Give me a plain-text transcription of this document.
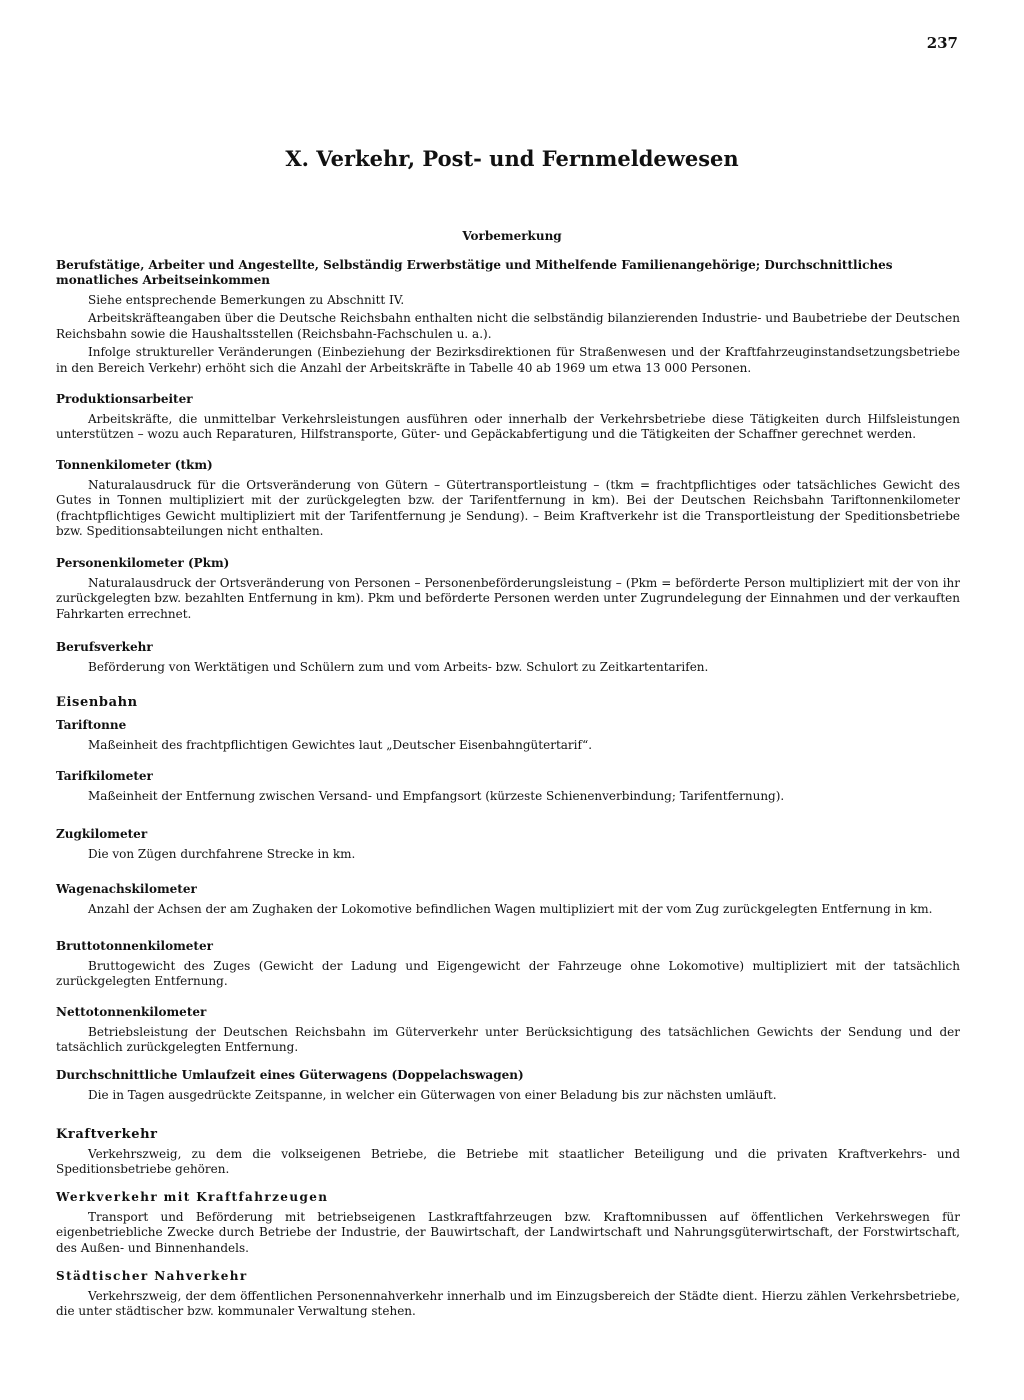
237
X. Verkehr, Post- und Fernmeldewesen
Vorbemerkung

Berufstätige, Arbeiter und Angestellte, Selbständig Erwerbstätige und Mithelfende Familienangehörige; Durchschnittliches monatliches Arbeitseinkommen

Siehe entsprechende Bemerkungen zu Abschnitt IV.

Arbeitskräfteangaben über die Deutsche Reichsbahn enthalten nicht die selbständig bilanzierenden Industrie- und Baubetriebe der Deutschen Reichsbahn sowie die Haushaltsstellen (Reichsbahn-Fachschulen u. a.).

Infolge struktureller Veränderungen (Einbeziehung der Bezirksdirektionen für Straßenwesen und der Kraftfahrzeuginstandsetzungsbetriebe in den Bereich Verkehr) erhöht sich die Anzahl der Arbeitskräfte in Tabelle 40 ab 1969 um etwa 13 000 Personen.

Produktionsarbeiter

Arbeitskräfte, die unmittelbar Verkehrsleistungen ausführen oder innerhalb der Verkehrsbetriebe diese Tätigkeiten durch Hilfsleistungen unterstützen – wozu auch Reparaturen, Hilfstransporte, Güter- und Gepäckabfertigung und die Tätigkeiten der Schaffner gerechnet werden.

Tonnenkilometer (tkm)

Naturalausdruck für die Ortsveränderung von Gütern – Gütertransportleistung – (tkm = frachtpflichtiges oder tatsächliches Gewicht des Gutes in Tonnen multipliziert mit der zurückgelegten bzw. der Tarifentfernung in km). Bei der Deutschen Reichsbahn Tariftonnenkilometer (frachtpflichtiges Gewicht multipliziert mit der Tarifentfernung je Sendung). – Beim Kraftverkehr ist die Transportleistung der Speditionsbetriebe bzw. Speditionsabteilungen nicht enthalten.

Personenkilometer (Pkm)

Naturalausdruck der Ortsveränderung von Personen – Personenbeförderungsleistung – (Pkm = beförderte Person multipliziert mit der von ihr zurückgelegten bzw. bezahlten Entfernung in km). Pkm und beförderte Personen werden unter Zugrundelegung der Einnahmen und der verkauften Fahrkarten errechnet.

Berufsverkehr

Beförderung von Werktätigen und Schülern zum und vom Arbeits- bzw. Schulort zu Zeitkartentarifen.

Eisenbahn

Tariftonne

Maßeinheit des frachtpflichtigen Gewichtes laut „Deutscher Eisenbahngütertarif“.

Tarifkilometer

Maßeinheit der Entfernung zwischen Versand- und Empfangsort (kürzeste Schienenverbindung; Tarifentfernung).

Zugkilometer

Die von Zügen durchfahrene Strecke in km.

Wagenachskilometer

Anzahl der Achsen der am Zughaken der Lokomotive befindlichen Wagen multipliziert mit der vom Zug zurückgelegten Entfernung in km.

Bruttotonnenkilometer

Bruttogewicht des Zuges (Gewicht der Ladung und Eigengewicht der Fahrzeuge ohne Lokomotive) multipliziert mit der tatsächlich zurückgelegten Entfernung.

Nettotonnenkilometer

Betriebsleistung der Deutschen Reichsbahn im Güterverkehr unter Berücksichtigung des tatsächlichen Gewichts der Sendung und der tatsächlich zurückgelegten Entfernung.

Durchschnittliche Umlaufzeit eines Güterwagens (Doppelachswagen)

Die in Tagen ausgedrückte Zeitspanne, in welcher ein Güterwagen von einer Beladung bis zur nächsten umläuft.

Kraftverkehr

Verkehrszweig, zu dem die volkseigenen Betriebe, die Betriebe mit staatlicher Beteiligung und die privaten Kraftverkehrs- und Speditionsbetriebe gehören.

Werkverkehr mit Kraftfahrzeugen

Transport und Beförderung mit betriebseigenen Lastkraftfahrzeugen bzw. Kraftomnibussen auf öffentlichen Verkehrswegen für eigenbetriebliche Zwecke durch Betriebe der Industrie, der Bauwirtschaft, der Landwirtschaft und Nahrungsgüterwirtschaft, der Forstwirtschaft, des Außen- und Binnenhandels.

Städtischer Nahverkehr

Verkehrszweig, der dem öffentlichen Personennahverkehr innerhalb und im Einzugsbereich der Städte dient. Hierzu zählen Verkehrsbetriebe, die unter städtischer bzw. kommunaler Verwaltung stehen.
